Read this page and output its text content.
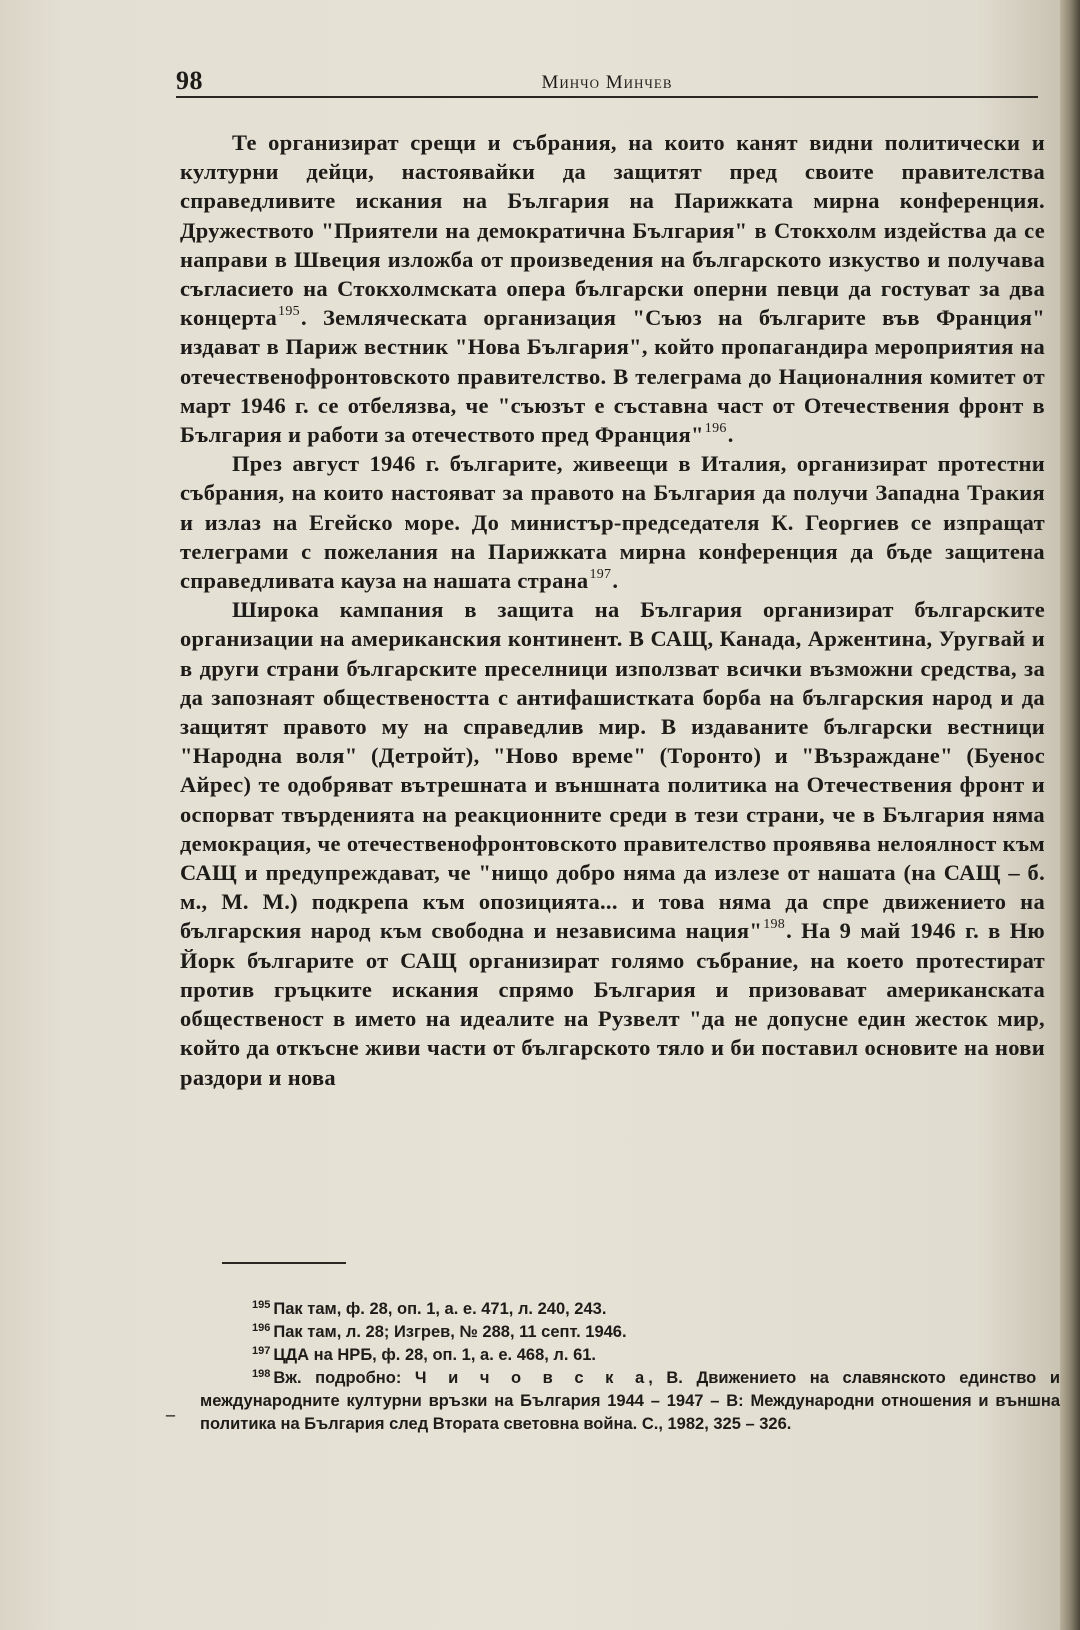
98	Минчо Минчев

Те организират срещи и събрания, на които канят видни политически и културни дейци, настоявайки да защитят пред своите правителства справедливите искания на България на Парижката мирна конференция. Дружеството "Приятели на демократична България" в Стокхолм издейства да се направи в Швеция изложба от произведения на българското изкуство и получава съгласието на Стокхолмската опера български оперни певци да гостуват за два концерта$^{195}$. Земляческата организация "Съюз на българите във Франция" издават в Париж вестник "Нова България", който пропагандира мероприятия на отечественофронтовското правителство. В телеграма до Националния комитет от март 1946 г. се отбелязва, че "съюзът е съставна част от Отечествения фронт в България и работи за отечеството пред Франция"$^{196}$.

През август 1946 г. българите, живеещи в Италия, организират протестни събрания, на които настояват за правото на България да получи Западна Тракия и излаз на Егейско море. До министър-председателя К. Георгиев се изпращат телеграми с пожелания на Парижката мирна конференция да бъде защитена справедливата кауза на нашата страна$^{197}$.

Широка кампания в защита на България организират българските организации на американския континент. В САЩ, Канада, Аржентина, Уругвай и в други страни българските преселници използват всички възможни средства, за да запознаят обществеността с антифашистката борба на българския народ и да защитят правото му на справедлив мир. В издаваните български вестници "Народна воля" (Детройт), "Ново време" (Торонто) и "Възраждане" (Буенос Айрес) те одобряват вътрешната и външната политика на Отечествения фронт и оспорват твърденията на реакционните среди в тези страни, че в България няма демокрация, че отечественофронтовското правителство проявява нелоялност към САЩ и предупреждават, че "нищо добро няма да излезе от нашата (на САЩ – б. м., М. М.) подкрепа към опозицията... и това няма да спре движението на българския народ към свободна и независима нация"$^{198}$. На 9 май 1946 г. в Ню Йорк българите от САЩ организират голямо събрание, на което протестират против гръцките искания спрямо България и призовават американската общественост в името на идеалите на Рузвелт "да не допусне един жесток мир, който да откъсне живи части от българското тяло и би поставил основите на нови раздори и нова

$^{195}$ Пак там, ф. 28, оп. 1, а. е. 471, л. 240, 243.

$^{196}$ Пак там, л. 28; Изгрев, № 288, 11 септ. 1946.

$^{197}$ ЦДА на НРБ, ф. 28, оп. 1, а. е. 468, л. 61.

$^{198}$ Вж. подробно: Ч и ч о в с к а, В. Движението на славянското единство и международните културни връзки на България 1944 – 1947 – В: Международни отношения и външна политика на България след Втората световна война. С., 1982, 325 – 326.

–
